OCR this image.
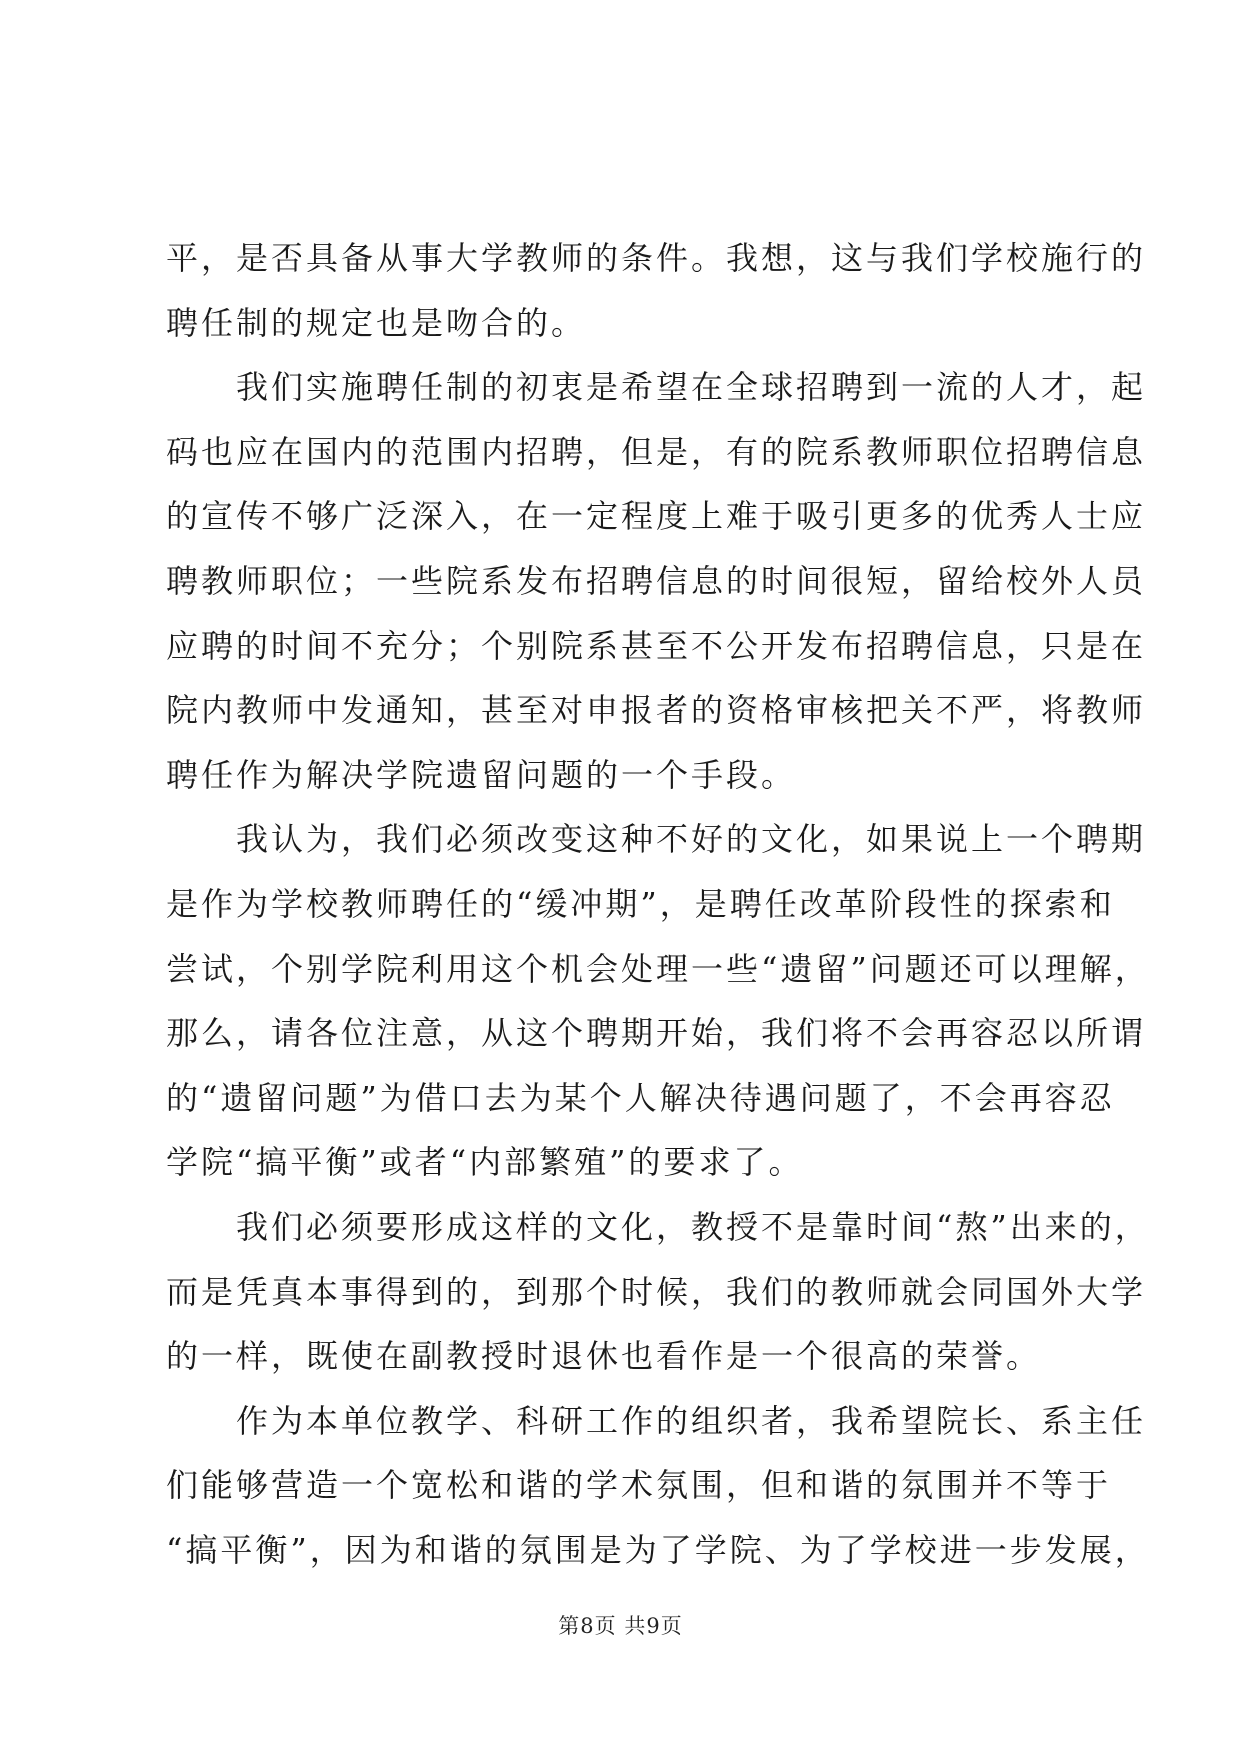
平，是否具备从事大学教师的条件。我想，这与我们学校施行的
聘任制的规定也是吻合的。
我们实施聘任制的初衷是希望在全球招聘到一流的人才，起
码也应在国内的范围内招聘，但是，有的院系教师职位招聘信息
的宣传不够广泛深入，在一定程度上难于吸引更多的优秀人士应
聘教师职位；一些院系发布招聘信息的时间很短，留给校外人员
应聘的时间不充分；个别院系甚至不公开发布招聘信息，只是在
院内教师中发通知，甚至对申报者的资格审核把关不严，将教师
聘任作为解决学院遗留问题的一个手段。
我认为，我们必须改变这种不好的文化，如果说上一个聘期
是作为学校教师聘任的“缓冲期”，是聘任改革阶段性的探索和
尝试，个别学院利用这个机会处理一些“遗留”问题还可以理解，
那么，请各位注意，从这个聘期开始，我们将不会再容忍以所谓
的“遗留问题”为借口去为某个人解决待遇问题了，不会再容忍
学院“搞平衡”或者“内部繁殖”的要求了。
我们必须要形成这样的文化，教授不是靠时间“熬”出来的，
而是凭真本事得到的，到那个时候，我们的教师就会同国外大学
的一样，既使在副教授时退休也看作是一个很高的荣誉。
作为本单位教学、科研工作的组织者，我希望院长、系主任
们能够营造一个宽松和谐的学术氛围，但和谐的氛围并不等于
“搞平衡”，因为和谐的氛围是为了学院、为了学校进一步发展，
第8页 共9页
